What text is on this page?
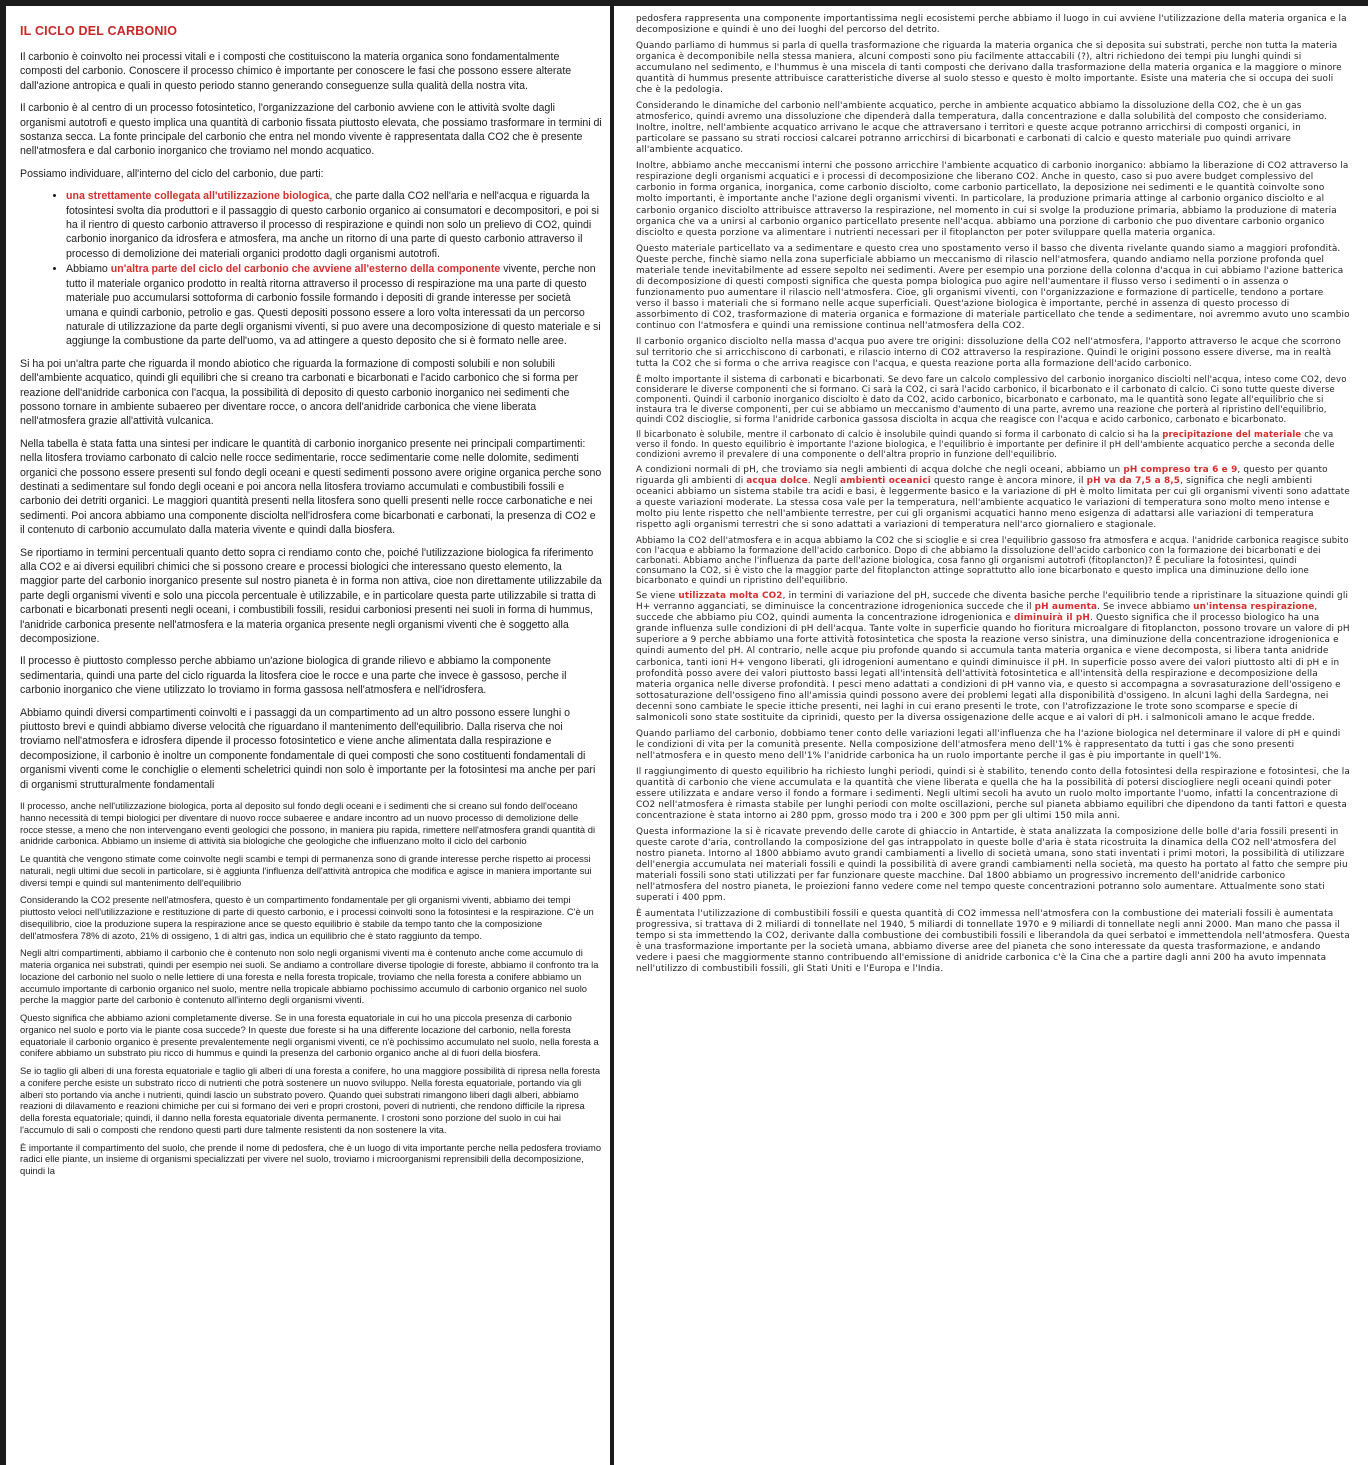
IL CICLO DEL CARBONIO

Il carbonio è coinvolto nei processi vitali e i composti che costituiscono la materia organica sono fondamentalmente composti del carbonio. Conoscere il processo chimico è importante per conoscere le fasi che possono essere alterate dall'azione antropica e quali in questo periodo stanno generando conseguenze sulla qualità della nostra vita.

Il carbonio è al centro di un processo fotosintetico, l'organizzazione del carbonio avviene con le attività svolte dagli organismi autotrofi e questo implica una quantità di carbonio fissata piuttosto elevata, che possiamo trasformare in termini di sostanza secca. La fonte principale del carbonio che entra nel mondo vivente è rappresentata dalla CO2 che è presente nell'atmosfera e dal carbonio inorganico che troviamo nel mondo acquatico.

Possiamo individuare, all'interno del ciclo del carbonio, due parti:

• una strettamente collegata all'utilizzazione biologica, che parte dalla CO2 nell'aria e nell'acqua e riguarda la fotosintesi svolta dia produttori e il passaggio di questo carbonio organico ai consumatori e decompositori, e poi si ha il rientro di questo carbonio attraverso il processo di respirazione e quindi non solo un prelievo di CO2, quindi carbonio inorganico da idrosfera e atmosfera, ma anche un ritorno di una parte di questo carbonio attraverso il processo di demolizione dei materiali organici prodotto dagli organismi autotrofi.
• Abbiamo un'altra parte del ciclo del carbonio che avviene all'esterno della componente vivente, perche non tutto il materiale organico prodotto in realtà ritorna attraverso il processo di respirazione ma una parte di questo materiale puo accumularsi sottoforma di carbonio fossile formando i depositi di grande interesse per società umana e quindi carbonio, petrolio e gas. Questi depositi possono essere a loro volta interessati da un percorso naturale di utilizzazione da parte degli organismi viventi, si puo avere una decomposizione di questo materiale e si aggiunge la combustione da parte dell'uomo, va ad attingere a questo deposito che si è formato nelle aree.

Si ha poi un'altra parte che riguarda il mondo abiotico che riguarda la formazione di composti solubili e non solubili dell'ambiente acquatico, quindi gli equilibri che si creano tra carbonati e bicarbonati e l'acido carbonico che si forma per reazione dell'anidride carbonica con l'acqua, la possibilità di deposito di questo carbonio inorganico nei sedimenti che possono tornare in ambiente subaereo per diventare rocce, o ancora dell'anidride carbonica che viene liberata nell'atmosfera grazie all'attività vulcanica.

Nella tabella è stata fatta una sintesi per indicare le quantità di carbonio inorganico presente nei principali compartimenti: nella litosfera troviamo carbonato di calcio nelle rocce sedimentarie, rocce sedimentarie come nelle dolomite, sedimenti organici che possono essere presenti sul fondo degli oceani e questi sedimenti possono avere origine organica perche sono destinati a sedimentare sul fondo degli oceani e poi ancora nella litosfera troviamo accumulati e combustibili fossili e carbonio dei detriti organici. Le maggiori quantità presenti nella litosfera sono quelli presenti nelle rocce carbonatiche e nei sedimenti. Poi ancora abbiamo una componente disciolta nell'idrosfera come bicarbonati e carbonati, la presenza di CO2 e il contenuto di carbonio accumulato dalla materia vivente e quindi dalla biosfera.

Se riportiamo in termini percentuali quanto detto sopra ci rendiamo conto che, poiché l'utilizzazione biologica fa riferimento alla CO2 e ai diversi equilibri chimici che si possono creare e processi biologici che interessano questo elemento, la maggior parte del carbonio inorganico presente sul nostro pianeta è in forma non attiva, cioe non direttamente utilizzabile da parte degli organismi viventi e solo una piccola percentuale è utilizzabile, e in particolare questa parte utilizzabile si tratta di carbonati e bicarbonati presenti negli oceani, i combustibili fossili, residui carboniosi presenti nei suoli in forma di hummus, l'anidride carbonica presente nell'atmosfera e la materia organica presente negli organismi viventi che è soggetto alla decomposizione.

Il processo è piuttosto complesso perche abbiamo un'azione biologica di grande rilievo e abbiamo la componente sedimentaria, quindi una parte del ciclo riguarda la litosfera cioe le rocce e una parte che invece è gassoso, perche il carbonio inorganico che viene utilizzato lo troviamo in forma gassosa nell'atmosfera e nell'idrosfera.

Abbiamo quindi diversi compartimenti coinvolti e i passaggi da un compartimento ad un altro possono essere lunghi o piuttosto brevi e quindi abbiamo diverse velocità che riguardano il mantenimento dell'equilibrio. Dalla riserva che noi troviamo nell'atmosfera e idrosfera dipende il processo fotosintetico e viene anche alimentata dalla respirazione e decomposizione, il carbonio è inoltre un componente fondamentale di quei composti che sono costituenti fondamentali di organismi viventi come le conchiglie o elementi scheletrici quindi non solo è importante per la fotosintesi ma anche per pari di organismi strutturalmente fondamentali

Il processo, anche nell'utilizzazione biologica, porta al deposito sul fondo degli oceani e i sedimenti che si creano sul fondo dell'oceano hanno necessità di tempi biologici per diventare di nuovo rocce subaeree e andare incontro ad un nuovo processo di demolizione delle rocce stesse, a meno che non intervengano eventi geologici che possono, in maniera piu rapida, rimettere nell'atmosfera grandi quantità di anidride carbonica. Abbiamo un insieme di attività sia biologiche che geologiche che influenzano molto il ciclo del carbonio

Le quantità che vengono stimate come coinvolte negli scambi e tempi di permanenza sono di grande interesse perche rispetto ai processi naturali, negli ultimi due secoli in particolare, si è aggiunta l'influenza dell'attività antropica che modifica e agisce in maniera importante sui diversi tempi e quindi sul mantenimento dell'equilibrio

Considerando la CO2 presente nell'atmosfera, questo è un compartimento fondamentale per gli organismi viventi, abbiamo dei tempi piuttosto veloci nell'utilizzazione e restituzione di parte di questo carbonio, e i processi coinvolti sono la fotosintesi e la respirazione. C'è un disequilibrio, cioe la produzione supera la respirazione ance se questo equilibrio è stabile da tempo tanto che la composizione dell'atmosfera 78% di azoto, 21% di ossigeno, 1 di altri gas, indica un equilibrio che è stato raggiunto da tempo.

Negli altri compartimenti, abbiamo il carbonio che è contenuto non solo negli organismi viventi ma è contenuto anche come accumulo di materia organica nei substrati, quindi per esempio nei suoli. Se andiamo a controllare diverse tipologie di foreste, abbiamo il confronto tra la locazione del carbonio nel suolo o nelle lettiere di una foresta e nella foresta tropicale, troviamo che nella foresta a conifere abbiamo un accumulo importante di carbonio organico nel suolo, mentre nella tropicale abbiamo pochissimo accumulo di carbonio organico nel suolo perche la maggior parte del carbonio è contenuto all'interno degli organismi viventi.

Questo significa che abbiamo azioni completamente diverse. Se in una foresta equatoriale in cui ho una piccola presenza di carbonio organico nel suolo e porto via le piante cosa succede? In queste due foreste si ha una differente locazione del carbonio, nella foresta equatoriale il carbonio organico è presente prevalentemente negli organismi viventi, ce n'è pochissimo accumulato nel suolo, nella foresta a conifere abbiamo un substrato piu ricco di hummus e quindi la presenza del carbonio organico anche al di fuori della biosfera.

Se io taglio gli alberi di una foresta equatoriale e taglio gli alberi di una foresta a conifere, ho una maggiore possibilità di ripresa nella foresta a conifere perche esiste un substrato ricco di nutrienti che potrà sostenere un nuovo sviluppo. Nella foresta equatoriale, portando via gli alberi sto portando via anche i nutrienti, quindi lascio un substrato povero. Quando quei substrati rimangono liberi dagli alberi, abbiamo reazioni di dilavamento e reazioni chimiche per cui si formano dei veri e propri crostoni, poveri di nutrienti, che rendono difficile la ripresa della foresta equatoriale; quindi, il danno nella foresta equatoriale diventa permanente. I crostoni sono porzione del suolo in cui hai l'accumulo di sali o composti che rendono questi parti dure talmente resistenti da non sostenere la vita.

È importante il compartimento del suolo, che prende il nome di pedosfera, che è un luogo di vita importante perche nella pedosfera troviamo radici elle piante, un insieme di organismi specializzati per vivere nel suolo, troviamo i microorganismi reprensibili della decomposizione, quindi la

pedosfera rappresenta una componente importantissima negli ecosistemi perche abbiamo il luogo in cui avviene l'utilizzazione della materia organica e la decomposizione e quindi è uno dei luoghi del percorso del detrito.

Quando parliamo di hummus si parla di quella trasformazione che riguarda la materia organica che si deposita sui substrati, perche non tutta la materia organica è decomponibile nella stessa maniera, alcuni composti sono piu facilmente attaccabili (?), altri richiedono dei tempi piu lunghi quindi si accumulano nel sedimento, e l'hummus è una miscela di tanti composti che derivano dalla trasformazione della materia organica e la maggiore o minore quantità di hummus presente attribuisce caratteristiche diverse al suolo stesso e questo è molto importante. Esiste una materia che si occupa dei suoli che è la pedologia.

Considerando le dinamiche del carbonio nell'ambiente acquatico, perche in ambiente acquatico abbiamo la dissoluzione della CO2, che è un gas atmosferico, quindi avremo una dissoluzione che dipenderà dalla temperatura, dalla concentrazione e dalla solubilità del composto che consideriamo. Inoltre, inoltre, nell'ambiente acquatico arrivano le acque che attraversano i territori e queste acque potranno arricchirsi di composti organici, in particolare se passano su strati rocciosi calcarei potranno arricchirsi di bicarbonati e carbonati di calcio e questo materiale puo quindi arrivare all'ambiente acquatico.

Inoltre, abbiamo anche meccanismi interni che possono arricchire l'ambiente acquatico di carbonio inorganico: abbiamo la liberazione di CO2 attraverso la respirazione degli organismi acquatici e i processi di decomposizione che liberano CO2. Anche in questo, caso si puo avere budget complessivo del carbonio in forma organica, inorganica, come carbonio disciolto, come carbonio particellato, la deposizione nei sedimenti e le quantità coinvolte sono molto importanti, è importante anche l'azione degli organismi viventi. In particolare, la produzione primaria attinge al carbonio organico disciolto e al carbonio organico disciolto attribuisce attraverso la respirazione, nel momento in cui si svolge la produzione primaria, abbiamo la produzione di materia organica che va a unirsi al carbonio organico particellato presente nell'acqua. abbiamo una porzione di carbonio che puo diventare carbonio organico disciolto e questa porzione va alimentare i nutrienti necessari per il fitoplancton per poter sviluppare quella materia organica.

Questo materiale particellato va a sedimentare e questo crea uno spostamento verso il basso che diventa rivelante quando siamo a maggiori profondità. Queste perche, finchè siamo nella zona superficiale abbiamo un meccanismo di rilascio nell'atmosfera, quando andiamo nella porzione profonda quel materiale tende inevitabilmente ad essere sepolto nei sedimenti. Avere per esempio una porzione della colonna d'acqua in cui abbiamo l'azione batterica di decomposizione di questi composti significa che questa pompa biologica puo agire nell'aumentare il flusso verso i sedimenti o in assenza o funzionamento puo aumentare il rilascio nell'atmosfera. Cioe, gli organismi viventi, con l'organizzazione e formazione di particelle, tendono a portare verso il basso i materiali che si formano nelle acque superficiali. Quest'azione biologica è importante, perché in assenza di questo processo di assorbimento di CO2, trasformazione di materia organica e formazione di materiale particellato che tende a sedimentare, noi avremmo avuto uno scambio continuo con l'atmosfera e quindi una remissione continua nell'atmosfera della CO2.

Il carbonio organico disciolto nella massa d'acqua puo avere tre origini: dissoluzione della CO2 nell'atmosfera, l'apporto attraverso le acque che scorrono sul territorio che si arricchiscono di carbonati, e rilascio interno di CO2 attraverso la respirazione. Quindi le origini possono essere diverse, ma in realtà tutta la CO2 che si forma o che arriva reagisce con l'acqua, e questa reazione porta alla formazione dell'acido carbonico.

È molto importante il sistema di carbonati e bicarbonati. Se devo fare un calcolo complessivo del carbonio inorganico disciolti nell'acqua, inteso come CO2, devo considerare le diverse componenti che si formano. Ci sarà la CO2, ci sarà l'acido carbonico, il bicarbonato e il carbonato di calcio. Ci sono tutte queste diverse componenti. Quindi il carbonio inorganico disciolto è dato da CO2, acido carbonico, bicarbonato e carbonato, ma le quantità sono legate all'equilibrio che si instaura tra le diverse componenti, per cui se abbiamo un meccanismo d'aumento di una parte, avremo una reazione che porterà al ripristino dell'equilibrio, quindi CO2 discioglie, si forma l'anidride carbonica gassosa disciolta in acqua che reagisce con l'acqua e acido carbonico, carbonato e bicarbonato.

Il bicarbonato è solubile, mentre il carbonato di calcio è insolubile quindi quando si forma il carbonato di calcio si ha la precipitazione del materiale che va verso il fondo. In questo equilibrio è importante l'azione biologica, e l'equilibrio è importante per definire il pH dell'ambiente acquatico perche a seconda delle condizioni avremo il prevalere di una componente o dell'altra proprio in funzione dell'equilibrio.

A condizioni normali di pH, che troviamo sia negli ambienti di acqua dolche che negli oceani, abbiamo un pH compreso tra 6 e 9, questo per quanto riguarda gli ambienti di acqua dolce. Negli ambienti oceanici questo range è ancora minore, il pH va da 7,5 a 8,5, significa che negli ambienti oceanici abbiamo un sistema stabile tra acidi e basi, è leggermente basico e la variazione di pH è molto limitata per cui gli organismi viventi sono adattate a queste variazioni moderate. La stessa cosa vale per la temperatura, nell'ambiente acquatico le variazioni di temperatura sono molto meno intense e molto piu lente rispetto che nell'ambiente terrestre, per cui gli organismi acquatici hanno meno esigenza di adattarsi alle variazioni di temperatura rispetto agli organismi terrestri che si sono adattati a variazioni di temperatura nell'arco giornaliero e stagionale.

Abbiamo la CO2 dell'atmosfera e in acqua abbiamo la CO2 che si scioglie e si crea l'equilibrio gassoso fra atmosfera e acqua. l'anidride carbonica reagisce subito con l'acqua e abbiamo la formazione dell'acido carbonico. Dopo di che abbiamo la dissoluzione dell'acido carbonico con la formazione dei bicarbonati e dei carbonati. Abbiamo anche l'influenza da parte dell'azione biologica, cosa fanno gli organismi autotrofi (fitoplancton)? È peculiare la fotosintesi, quindi consumano la CO2, si è visto che la maggior parte del fitoplancton attinge soprattutto allo ione bicarbonato e questo implica una diminuzione dello ione bicarbonato e quindi un ripristino dell'equilibrio.

Se viene utilizzata molta CO2, in termini di variazione del pH, succede che diventa basiche perche l'equilibrio tende a ripristinare la situazione quindi gli H+ verranno agganciati, se diminuisce la concentrazione idrogenionica succede che il pH aumenta. Se invece abbiamo un'intensa respirazione, succede che abbiamo piu CO2, quindi aumenta la concentrazione idrogenionica e diminuirà il pH. Questo significa che il processo biologico ha una grande influenza sulle condizioni di pH dell'acqua. Tante volte in superficie quando ho fioritura microalgare di fitoplancton, possono trovare un valore di pH superiore a 9 perche abbiamo una forte attività fotosintetica che sposta la reazione verso sinistra, una diminuzione della concentrazione idrogenionica e quindi aumento del pH. Al contrario, nelle acque piu profonde quando si accumula tanta materia organica e viene decomposta, si libera tanta anidride carbonica, tanti ioni H+ vengono liberati, gli idrogenioni aumentano e quindi diminuisce il pH. In superficie posso avere dei valori piuttosto alti di pH e in profondità posso avere dei valori piuttosto bassi legati all'intensità dell'attività fotosintetica e all'intensità della respirazione e decomposizione della materia organica nelle diverse profondità. I pesci meno adattati a condizioni di pH vanno via, e questo si accompagna a sovrasaturazione dell'ossigeno e sottosaturazione dell'ossigeno fino all'amissia quindi possono avere dei problemi legati alla disponibilità d'ossigeno. In alcuni laghi della Sardegna, nei decenni sono cambiate le specie ittiche presenti, nei laghi in cui erano presenti le trote, con l'atrofizzazione le trote sono scomparse e specie di salmonicoli sono state sostituite da ciprinidi, questo per la diversa ossigenazione delle acque e ai valori di pH. i salmonicoli amano le acque fredde.

Quando parliamo del carbonio, dobbiamo tener conto delle variazioni legati all'influenza che ha l'azione biologica nel determinare il valore di pH e quindi le condizioni di vita per la comunità presente. Nella composizione dell'atmosfera meno dell'1% è rappresentato da tutti i gas che sono presenti nell'atmosfera e in questo meno dell'1% l'anidride carbonica ha un ruolo importante perche il gas è piu importante in quell'1%.

Il raggiungimento di questo equilibrio ha richiesto lunghi periodi, quindi si è stabilito, tenendo conto della fotosintesi della respirazione e fotosintesi, che la quantità di carbonio che viene accumulata e la quantità che viene liberata e quella che ha la possibilità di potersi disciogliere negli oceani quindi poter essere utilizzata e andare verso il fondo a formare i sedimenti. Negli ultimi secoli ha avuto un ruolo molto importante l'uomo, infatti la concentrazione di CO2 nell'atmosfera è rimasta stabile per lunghi periodi con molte oscillazioni, perche sul pianeta abbiamo equilibri che dipendono da tanti fattori e questa concentrazione è stata intorno ai 280 ppm, grosso modo tra i 200 e 300 ppm per gli ultimi 150 mila anni.

Questa informazione la si è ricavate prevendo delle carote di ghiaccio in Antartide, è stata analizzata la composizione delle bolle d'aria fossili presenti in queste carote d'aria, controllando la composizione del gas intrappolato in queste bolle d'aria è stata ricostruita la dinamica della CO2 nell'atmosfera del nostro pianeta. Intorno al 1800 abbiamo avuto grandi cambiamenti a livello di società umana, sono stati inventati i primi motori, la possibilità di utilizzare dell'energia accumulata nei materiali fossili e quindi la possibilità di avere grandi cambiamenti nella società, ma questo ha portato al fatto che sempre piu materiali fossili sono stati utilizzati per far funzionare queste macchine. Dal 1800 abbiamo un progressivo incremento dell'anidride carbonico nell'atmosfera del nostro pianeta, le proiezioni fanno vedere come nel tempo queste concentrazioni potranno solo aumentare. Attualmente sono stati superati i 400 ppm.

È aumentata l'utilizzazione di combustibili fossili e questa quantità di CO2 immessa nell'atmosfera con la combustione dei materiali fossili è aumentata progressiva, si trattava di 2 miliardi di tonnellate nel 1940, 5 miliardi di tonnellate 1970 e 9 miliardi di tonnellate negli anni 2000. Man mano che passa il tempo si sta immettendo la CO2, derivante dalla combustione dei combustibili fossili e liberandola da quei serbatoi e immettendola nell'atmosfera. Questa è una trasformazione importante per la società umana, abbiamo diverse aree del pianeta che sono interessate da questa trasformazione, e andando vedere i paesi che maggiormente stanno contribuendo all'emissione di anidride carbonica c'è la Cina che a partire dagli anni 200 ha avuto impennata nell'utilizzo di combustibili fossili, gli Stati Uniti e l'Europa e l'India.
